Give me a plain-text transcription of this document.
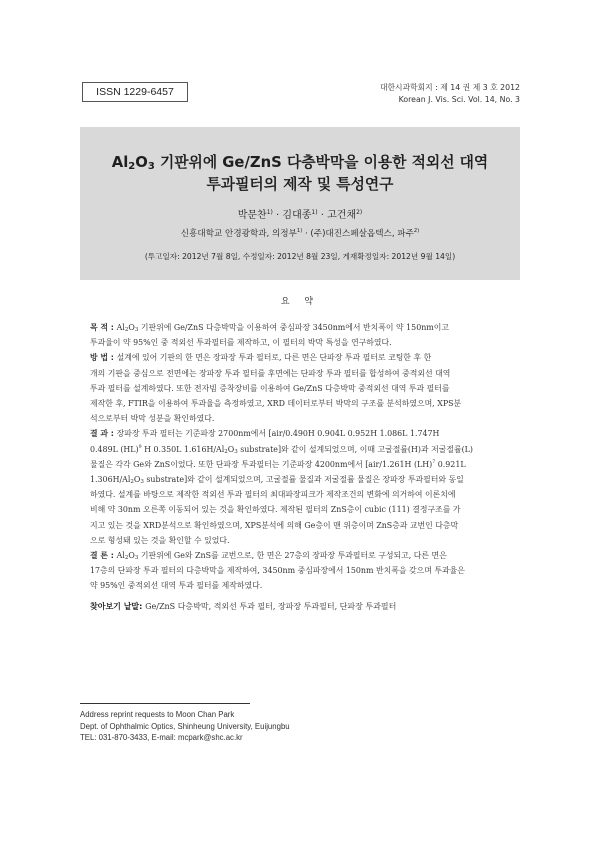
ISSN 1229-6457	대한시과학회지 : 제 14 권 제 3 호 2012
Korean J. Vis. Sci. Vol. 14, No. 3
$Al_2O_3$ 기판위에 Ge/ZnS 다층박막을 이용한 적외선 대역
투과필터의 제작 및 특성연구
박문찬$^{1)}$ · 김대종$^{1)}$ · 고건채$^{2)}$
신흥대학교 안경광학과, 의정부$^{1)}$ · (주)대진스페살옵텍스, 파주$^{2)}$
(투고일자: 2012년 7월 8일, 수정일자: 2012년 8월 23일, 게재확정일자: 2012년 9월 14일)
요 약
목 적 : $Al_2O_3$ 기판위에 Ge/ZnS 다층박막을 이용하여 중심파장 3450nm에서 반치폭이 약 150nm이고
투과율이 약 95%인 중 적외선 투과필터를 제작하고, 이 필터의 박막 특성을 연구하였다.
방 법 : 설계에 있어 기판의 한 면은 장파장 투과 필터로, 다른 면은 단파장 투과 필터로 코팅한 후 한
개의 기판을 중심으로 전면에는 장파장 투과 필터를 후면에는 단파장 투과 필터를 합성하여 중적외선 대역
투과 필터를 설계하였다. 또한 전자빔 증착장비를 이용하여 Ge/ZnS 다층박막 중적외선 대역 투과 필터를
제작한 후, FTIR을 이용하여 투과율을 측정하였고, XRD 데이터로부터 박막의 구조를 분석하였으며, XPS분
석으로부터 박막 성분을 확인하였다.
결 과 : 장파장 투과 필터는 기준파장 2700nm에서 [air/0.490H 0.904L 0.952H 1.086L 1.747H
0.489L (HL)$^9$ H 0.350L $1.616H/Al_2O_3$ substrate]와 같이 설계되었으며, 이때 고굴절률(H)과 저굴절률(L)
물질은 각각 Ge와 ZnS이었다. 또한 단파장 투과필터는 기준파장 4200nm에서 [air/1.261H (LH)$^7$ 0.921L
$1.306H/Al_2O_3$ substrate]와 같이 설계되었으며, 고굴절률 물질과 저굴절률 물질은 장파장 투과필터와 동일
하였다. 설계를 바탕으로 제작한 적외선 투과 필터의 최대파장피크가 제작조건의 변화에 의거하여 이론치에
비해 약 30nm 오른쪽 이동되어 있는 것을 확인하였다. 제작된 필터의 ZnS층이 cubic (111) 결정구조를 가
지고 있는 것을 XRD분석으로 확인하였으며, XPS분석에 의해 Ge층이 맨 위층이며 ZnS층과 교번인 다층막
으로 형성돼 있는 것을 확인할 수 있었다.
결 론 : $Al_2O_3$ 기판위에 Ge와 ZnS를 교번으로, 한 면은 27층의 장파장 투과필터로 구성되고, 다른 면은
17층의 단파장 투과 필터의 다층박막을 제작하여, 3450nm 중심파장에서 150nm 반치폭을 갖으며 투과율은
약 95%인 중적외선 대역 투과 필터를 제작하였다.
찾아보기 낱말: Ge/ZnS 다층박막, 적외선 투과 필터, 장파장 투과필터, 단파장 투과필터
Address reprint requests to Moon Chan Park
Dept. of Ophthalmic Optics, Shinheung University, Euijungbu
TEL: 031-870-3433, E-mail: mcpark@shc.ac.kr
